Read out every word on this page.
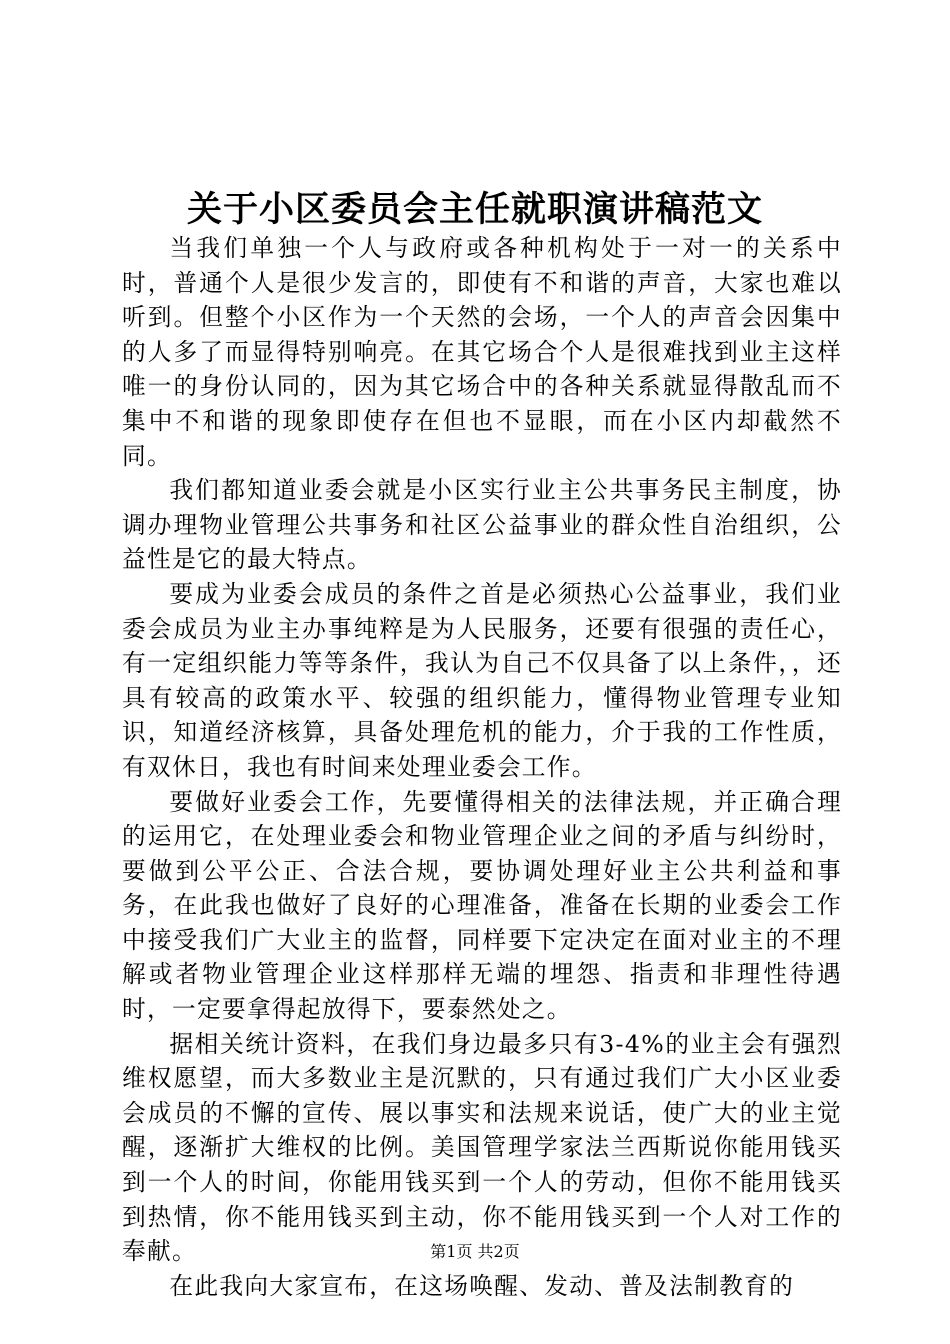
关于小区委员会主任就职演讲稿范文

当我们单独一个人与政府或各种机构处于一对一的关系中时，普通个人是很少发言的，即使有不和谐的声音，大家也难以听到。但整个小区作为一个天然的会场，一个人的声音会因集中的人多了而显得特别响亮。在其它场合个人是很难找到业主这样唯一的身份认同的，因为其它场合中的各种关系就显得散乱而不集中不和谐的现象即使存在但也不显眼，而在小区内却截然不同。

我们都知道业委会就是小区实行业主公共事务民主制度，协调办理物业管理公共事务和社区公益事业的群众性自治组织，公益性是它的最大特点。

要成为业委会成员的条件之首是必须热心公益事业，我们业委会成员为业主办事纯粹是为人民服务，还要有很强的责任心，有一定组织能力等等条件，我认为自己不仅具备了以上条件，，还具有较高的政策水平、较强的组织能力，懂得物业管理专业知识，知道经济核算，具备处理危机的能力，介于我的工作性质，有双休日，我也有时间来处理业委会工作。

要做好业委会工作，先要懂得相关的法律法规，并正确合理的运用它，在处理业委会和物业管理企业之间的矛盾与纠纷时，要做到公平公正、合法合规，要协调处理好业主公共利益和事务，在此我也做好了良好的心理准备，准备在长期的业委会工作中接受我们广大业主的监督，同样要下定决定在面对业主的不理解或者物业管理企业这样那样无端的埋怨、指责和非理性待遇时，一定要拿得起放得下，要泰然处之。

据相关统计资料，在我们身边最多只有3-4%的业主会有强烈维权愿望，而大多数业主是沉默的，只有通过我们广大小区业委会成员的不懈的宣传、展以事实和法规来说话，使广大的业主觉醒，逐渐扩大维权的比例。美国管理学家法兰西斯说你能用钱买到一个人的时间，你能用钱买到一个人的劳动，但你不能用钱买到热情，你不能用钱买到主动，你不能用钱买到一个人对工作的奉献。

在此我向大家宣布，在这场唤醒、发动、普及法制教育的

第1页 共2页
